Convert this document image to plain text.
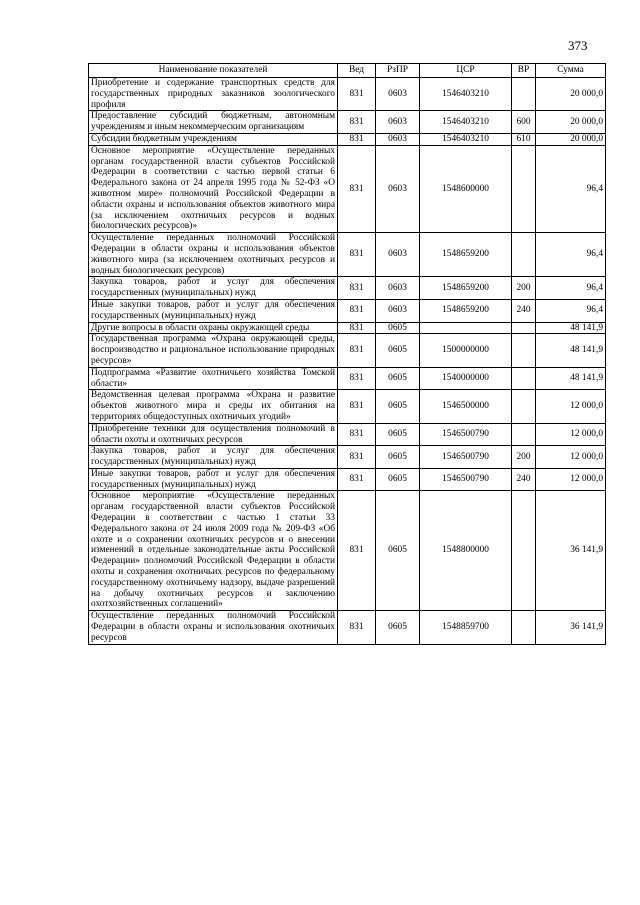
373
Наименование показателей	Вед	РзПР	ЦСР	ВР	Сумма
Приобретение и содержание транспортных средств для государственных природных заказников зоологического профиля	831	0603	1546403210		20 000,0
Предоставление субсидий бюджетным, автономным учреждениям и иным некоммерческим организациям	831	0603	1546403210	600	20 000,0
Субсидии бюджетным учреждениям	831	0603	1546403210	610	20 000,0
Основное мероприятие «Осуществление переданных органам государственной власти субъектов Российской Федерации в соответствии с частью первой статьи 6 Федерального закона от 24 апреля 1995 года № 52-ФЗ «О животном мире» полномочий Российской Федерации в области охраны и использования объектов животного мира (за исключением охотничьих ресурсов и водных биологических ресурсов)»	831	0603	1548600000		96,4
Осуществление переданных полномочий Российской Федерации в области охраны и использования объектов животного мира (за исключением охотничьих ресурсов и водных биологических ресурсов)	831	0603	1548659200		96,4
Закупка товаров, работ и услуг для обеспечения государственных (муниципальных) нужд	831	0603	1548659200	200	96,4
Иные закупки товаров, работ и услуг для обеспечения государственных (муниципальных) нужд	831	0603	1548659200	240	96,4
Другие вопросы в области охраны окружающей среды	831	0605			48 141,9
Государственная программа «Охрана окружающей среды, воспроизводство и рациональное использование природных ресурсов»	831	0605	1500000000		48 141,9
Подпрограмма «Развитие охотничьего хозяйства Томской области»	831	0605	1540000000		48 141,9
Ведомственная целевая программа «Охрана и развитие объектов животного мира и среды их обитания на территориях общедоступных охотничьих угодий»	831	0605	1546500000		12 000,0
Приобретение техники для осуществления полномочий в области охоты и охотничьих ресурсов	831	0605	1546500790		12 000,0
Закупка товаров, работ и услуг для обеспечения государственных (муниципальных) нужд	831	0605	1546500790	200	12 000,0
Иные закупки товаров, работ и услуг для обеспечения государственных (муниципальных) нужд	831	0605	1546500790	240	12 000,0
Основное мероприятие «Осуществление переданных органам государственной власти субъектов Российской Федерации в соответствии с частью 1 статьи 33 Федерального закона от 24 июля 2009 года № 209-ФЗ «Об охоте и о сохранении охотничьих ресурсов и о внесении изменений в отдельные законодательные акты Российской Федерации» полномочий Российской Федерации в области охоты и сохранения охотничьих ресурсов по федеральному государственному охотничьему надзору, выдаче разрешений на добычу охотничьих ресурсов и заключению охотхозяйственных соглашений»	831	0605	1548800000		36 141,9
Осуществление переданных полномочий Российской Федерации в области охраны и использования охотничьих ресурсов	831	0605	1548859700		36 141,9
